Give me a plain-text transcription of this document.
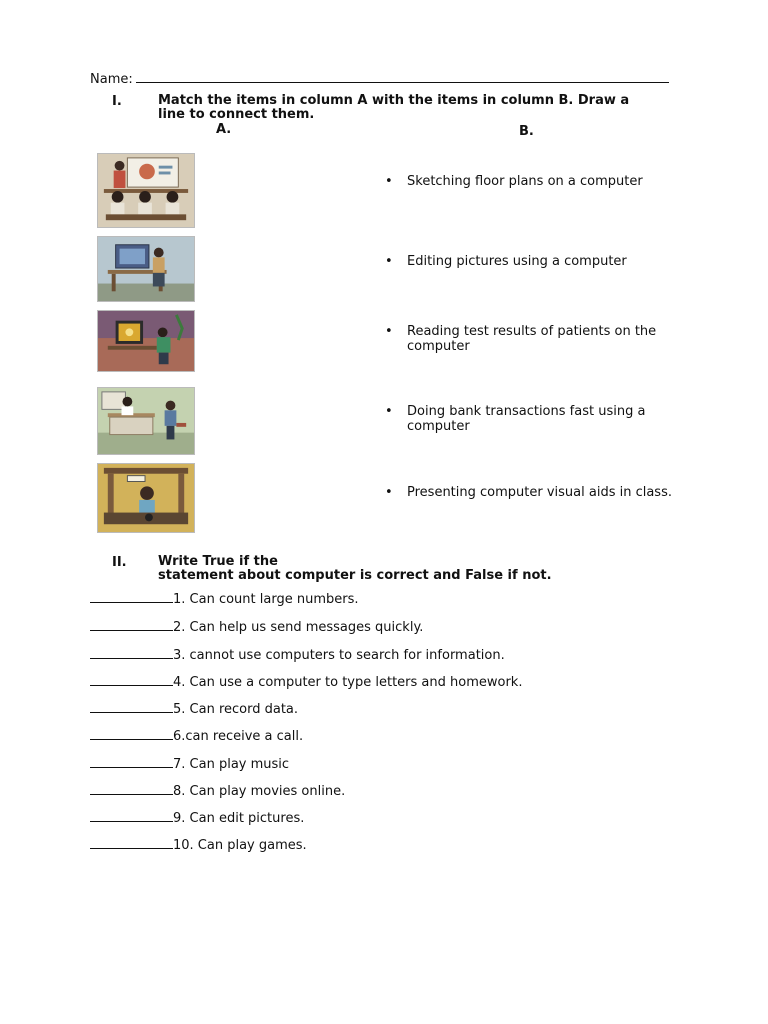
Name:
I.	Match the items in column A with the items in column B. Draw a
line to connect them.
A.	B.
• Sketching floor plans on a computer
• Editing pictures using a computer
• Reading test results of patients on the
computer
• Doing bank transactions fast using a
computer
• Presenting computer visual aids in class.
II. Write True if the
statement about computer is correct and False if not.
1. Can count large numbers.
2. Can help us send messages quickly.
3. cannot use computers to search for information.
4. Can use a computer to type letters and homework.
5. Can record data.
6.can receive a call.
7. Can play music
8. Can play movies online.
9. Can edit pictures.
10. Can play games.
